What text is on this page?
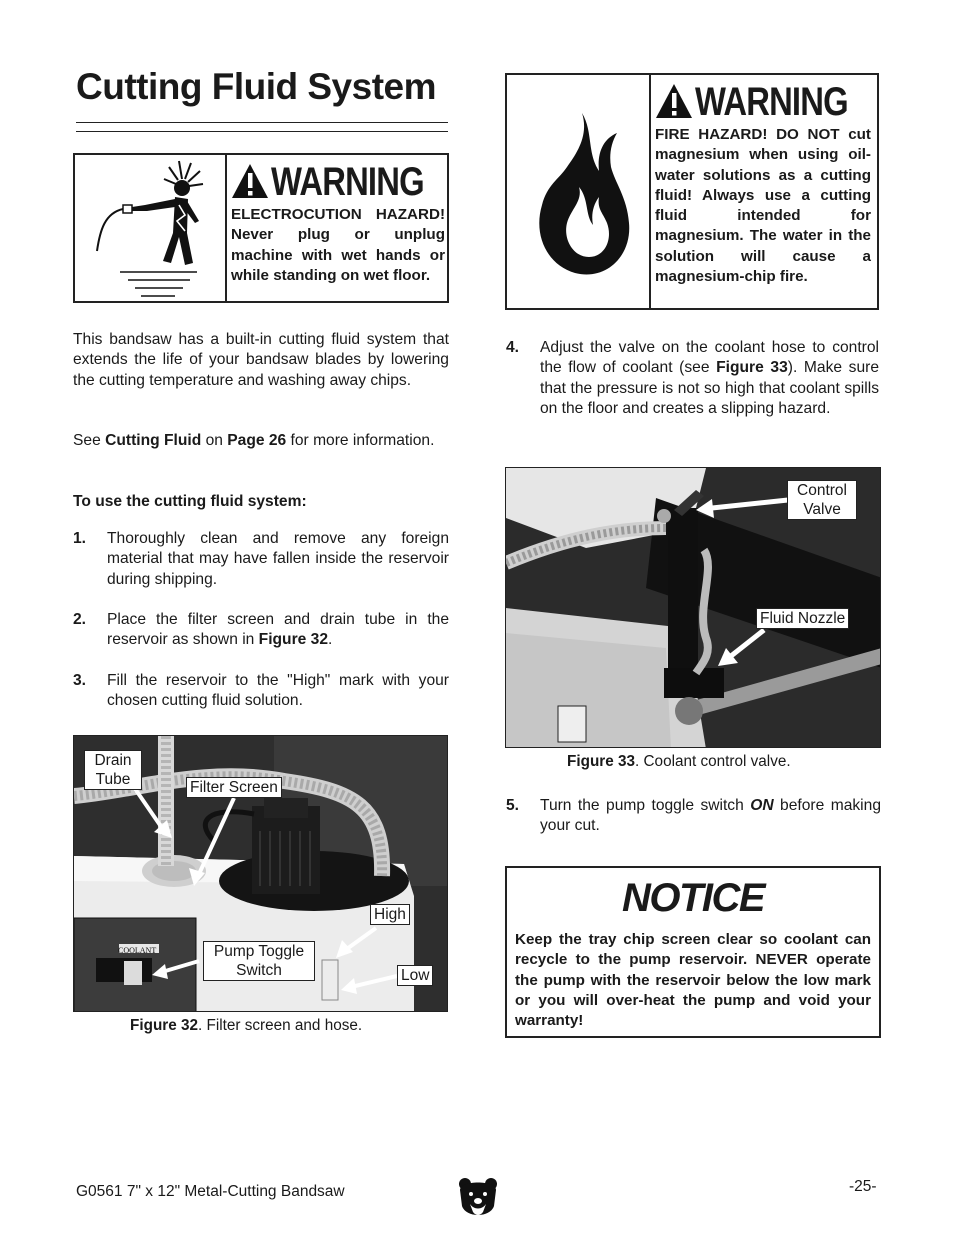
Cutting Fluid System
WARNING
ELECTROCUTION HAZARD! Never plug or unplug machine with wet hands or while standing on wet floor.
This bandsaw has a built-in cutting fluid system that extends the life of your bandsaw blades by lowering the cutting temperature and washing away chips.
See Cutting Fluid on Page 26 for more information.
To use the cutting fluid system:
1. Thoroughly clean and remove any foreign material that may have fallen inside the reservoir during shipping.
2. Place the filter screen and drain tube in the reservoir as shown in Figure 32.
3. Fill the reservoir to the "High" mark with your chosen cutting fluid solution.
COOLANT
Drain Tube	Filter Screen
High
Pump Toggle Switch	Low
Figure 32. Filter screen and hose.
WARNING
FIRE HAZARD! DO NOT cut magnesium when using oil-water solutions as a cutting fluid! Always use a cutting fluid intended for magnesium. The water in the solution will cause a magnesium-chip fire.
4. Adjust the valve on the coolant hose to control the flow of coolant (see Figure 33). Make sure that the pressure is not so high that coolant spills on the floor and creates a slipping hazard.
Control Valve
Fluid Nozzle
Figure 33. Coolant control valve.
5. Turn the pump toggle switch ON before making your cut.
NOTICE
Keep the tray chip screen clear so coolant can recycle to the pump reservoir. NEVER operate the pump with the reservoir below the low mark or you will over-heat the pump and void your warranty!
G0561 7" x 12" Metal-Cutting Bandsaw	-25-
